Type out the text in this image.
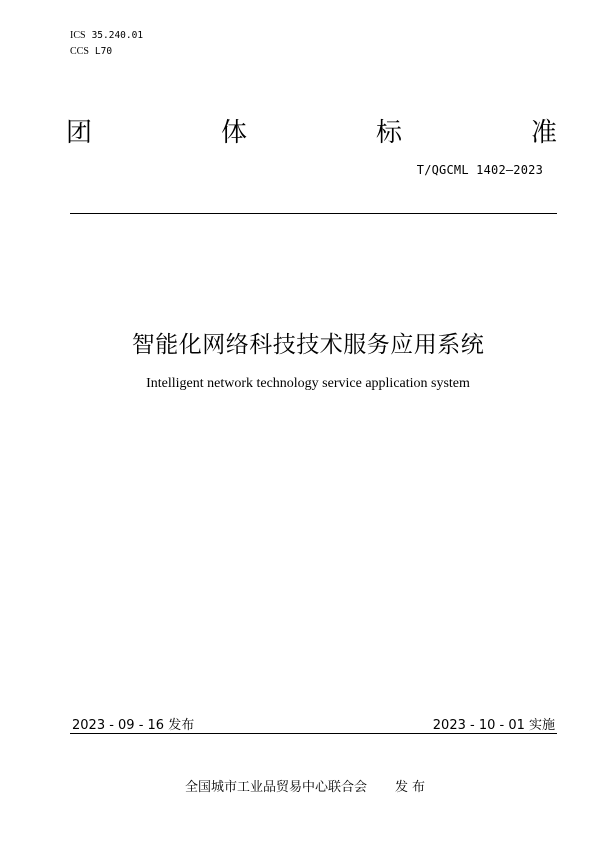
ICS 35.240.01
CCS L70
团	体	标	准
T/QGCML 1402—2023
智能化网络科技技术服务应用系统
Intelligent network technology service application system
2023 - 09 - 16 发布	2023 - 10 - 01 实施
全国城市工业品贸易中心联合会 发布
